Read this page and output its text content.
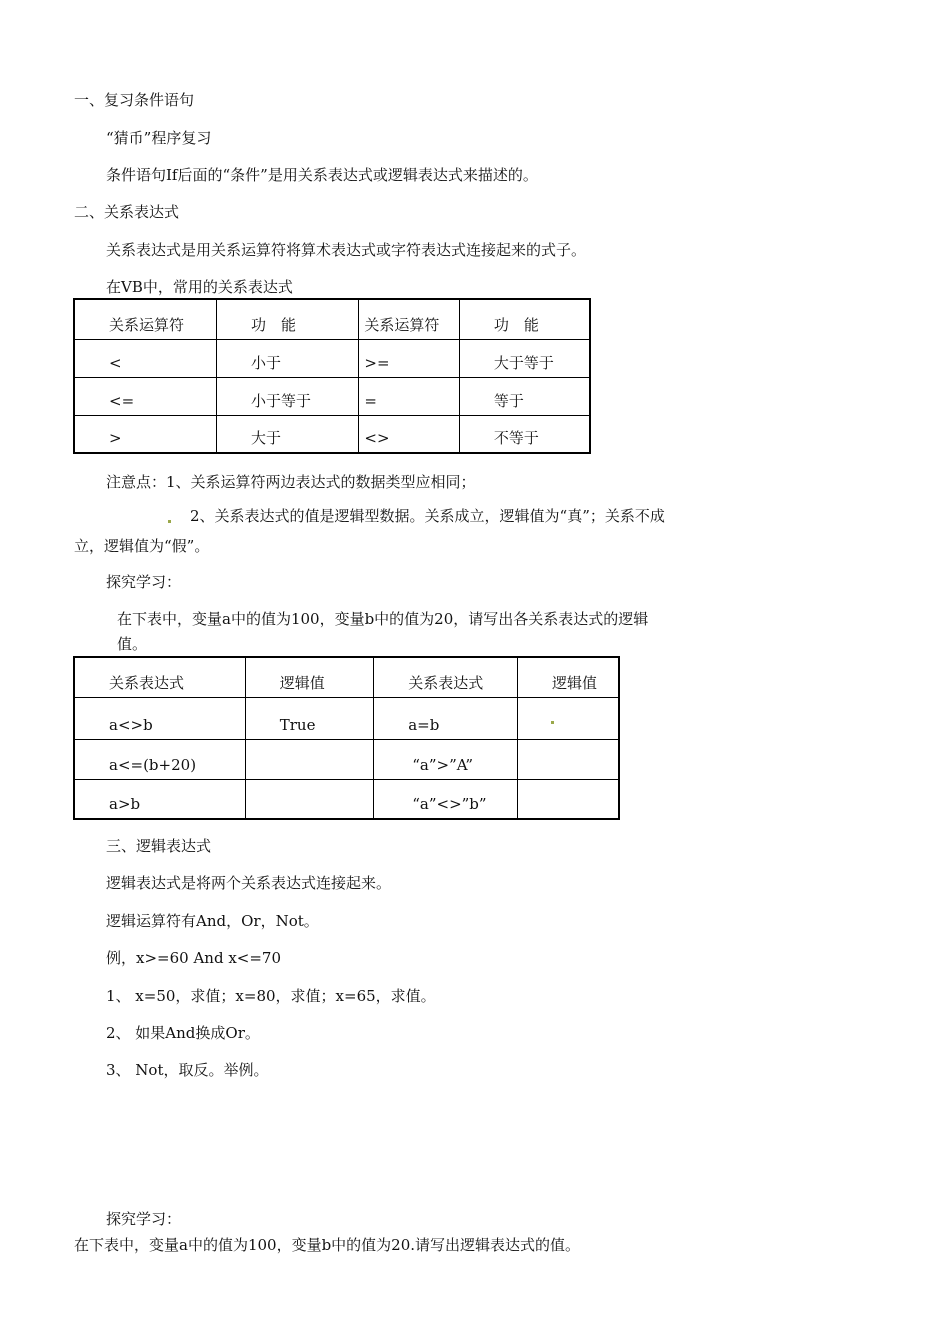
一、复习条件语句
“猜币”程序复习
条件语句If后面的“条件”是用关系表达式或逻辑表达式来描述的。
二、关系表达式
关系表达式是用关系运算符将算术表达式或字符表达式连接起来的式子。
在VB中，常用的关系表达式
关系运算符	功　能	关系运算符	功　能
<	小于	>=	大于等于
<=	小于等于	=	等于
>	大于	<>	不等于
注意点：1、关系运算符两边表达式的数据类型应相同；
2、关系表达式的值是逻辑型数据。关系成立，逻辑值为“真”；关系不成
立，逻辑值为“假”。
探究学习：
在下表中，变量a中的值为100，变量b中的值为20，请写出各关系表达式的逻辑
值。
关系表达式	逻辑值	关系表达式	逻辑值
a<>b	True	a=b	
a<=(b+20)		“a”>”A”	
a>b		“a”<>”b”	
三、逻辑表达式
逻辑表达式是将两个关系表达式连接起来。
逻辑运算符有And，Or，Not。
例，x>=60 And x<=70
1、 x=50，求值；x=80，求值；x=65，求值。
2、 如果And换成Or。
3、 Not，取反。举例。
探究学习：
在下表中，变量a中的值为100，变量b中的值为20.请写出逻辑表达式的值。
